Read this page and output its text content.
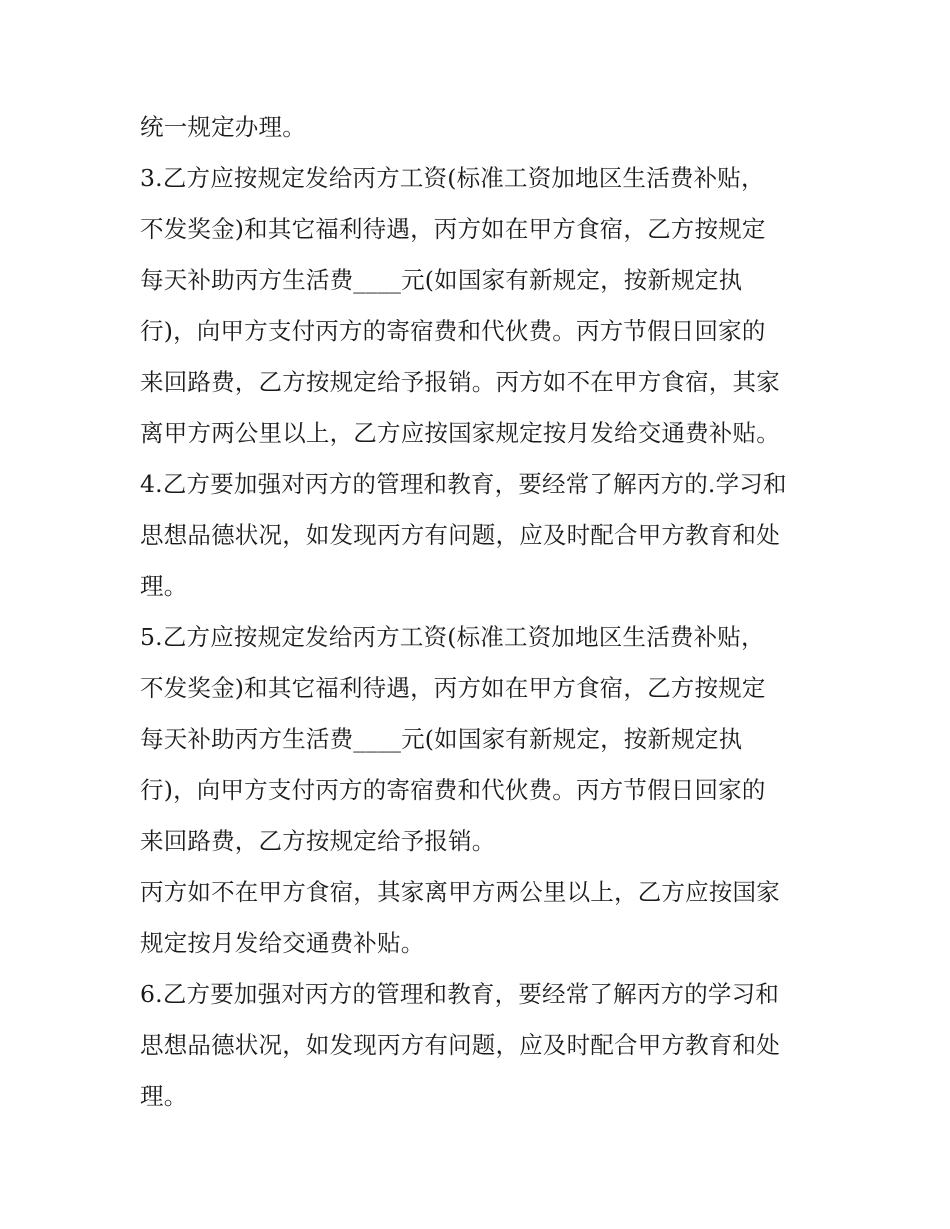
统一规定办理。
3.乙方应按规定发给丙方工资(标准工资加地区生活费补贴，
不发奖金)和其它福利待遇，丙方如在甲方食宿，乙方按规定
每天补助丙方生活费____元(如国家有新规定，按新规定执
行)，向甲方支付丙方的寄宿费和代伙费。丙方节假日回家的
来回路费，乙方按规定给予报销。丙方如不在甲方食宿，其家
离甲方两公里以上，乙方应按国家规定按月发给交通费补贴。
4.乙方要加强对丙方的管理和教育，要经常了解丙方的.学习和
思想品德状况，如发现丙方有问题，应及时配合甲方教育和处
理。
5.乙方应按规定发给丙方工资(标准工资加地区生活费补贴，
不发奖金)和其它福利待遇，丙方如在甲方食宿，乙方按规定
每天补助丙方生活费____元(如国家有新规定，按新规定执
行)，向甲方支付丙方的寄宿费和代伙费。丙方节假日回家的
来回路费，乙方按规定给予报销。
丙方如不在甲方食宿，其家离甲方两公里以上，乙方应按国家
规定按月发给交通费补贴。
6.乙方要加强对丙方的管理和教育，要经常了解丙方的学习和
思想品德状况，如发现丙方有问题，应及时配合甲方教育和处
理。
